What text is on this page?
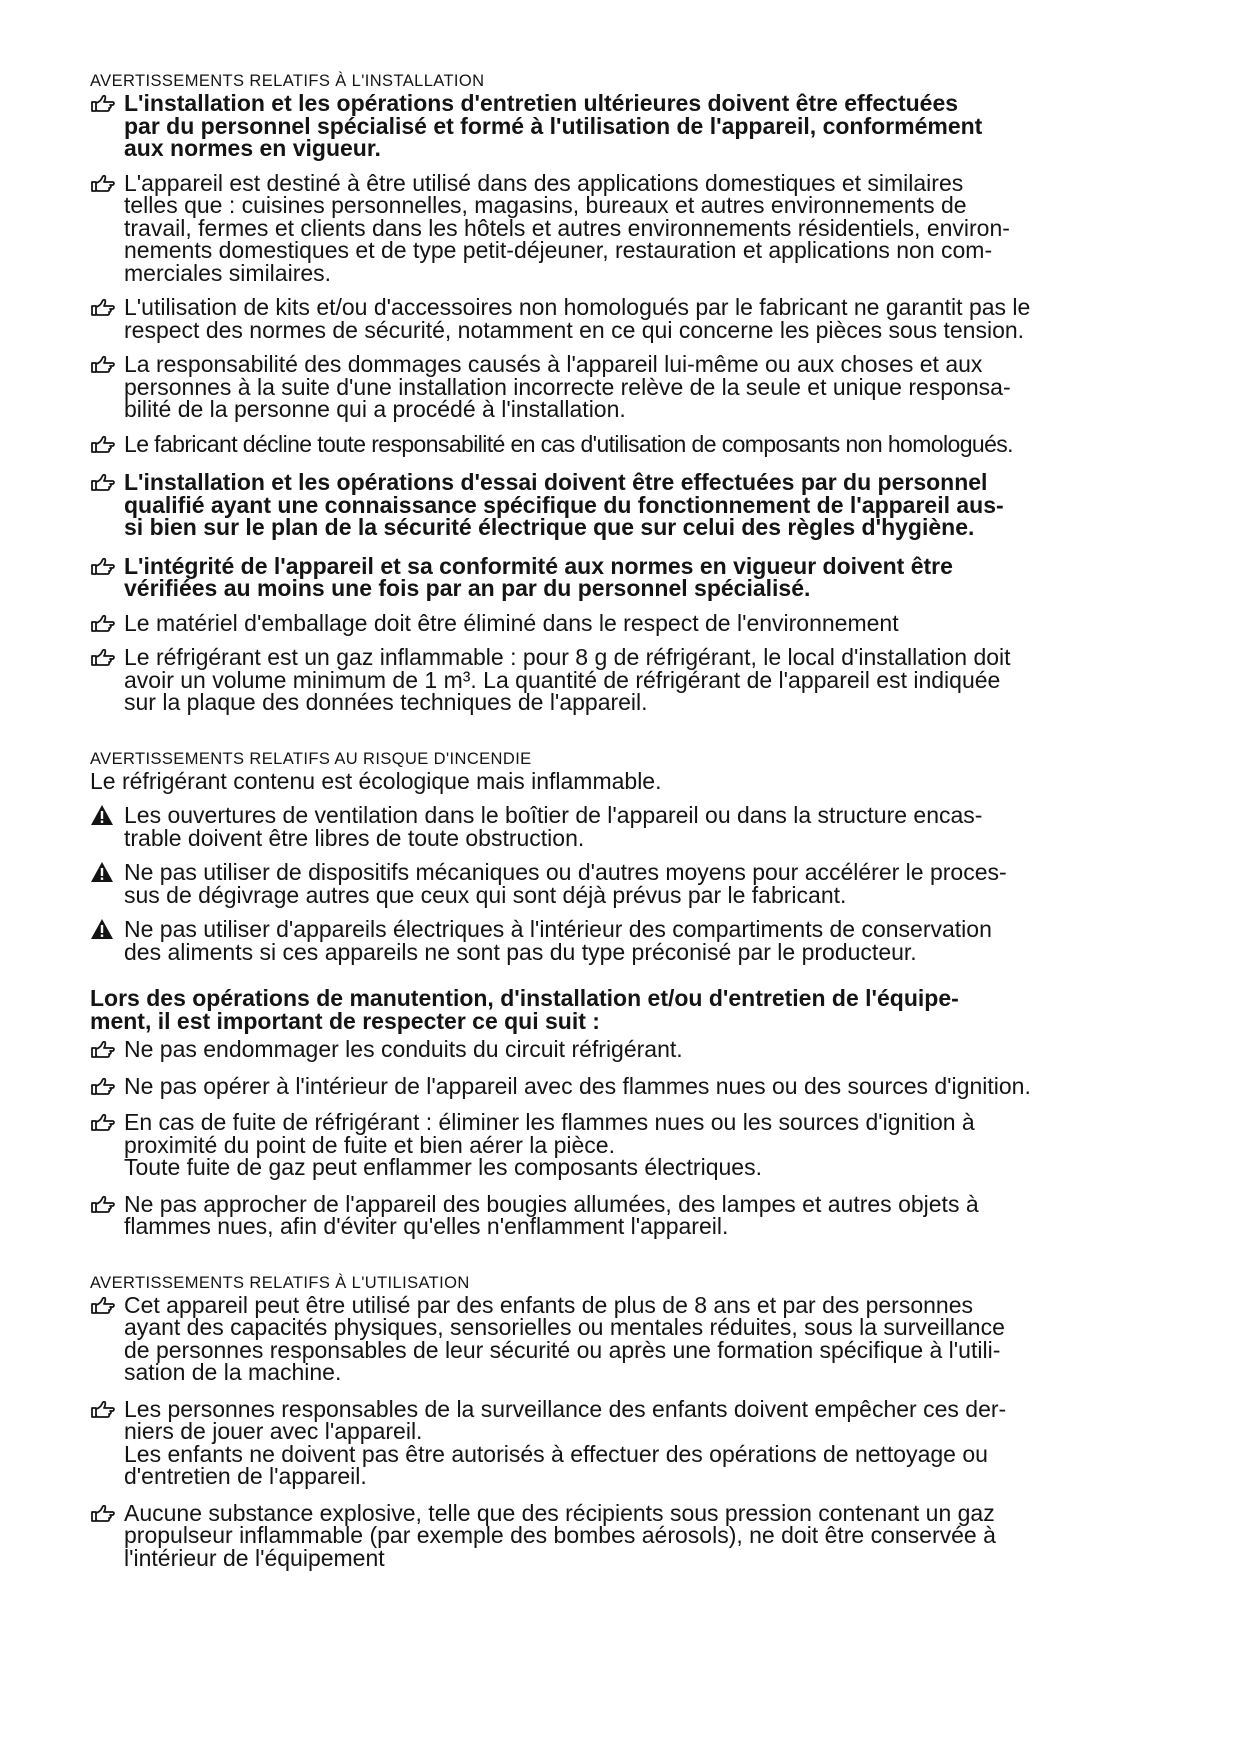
AVERTISSEMENTS RELATIFS À L'INSTALLATION
L'installation et les opérations d'entretien ultérieures doivent être effectuées
par du personnel spécialisé et formé à l'utilisation de l'appareil, conformément
aux normes en vigueur.
L'appareil est destiné à être utilisé dans des applications domestiques et similaires
telles que : cuisines personnelles, magasins, bureaux et autres environnements de
travail, fermes et clients dans les hôtels et autres environnements résidentiels, environ-
nements domestiques et de type petit-déjeuner, restauration et applications non com-
merciales similaires.
L'utilisation de kits et/ou d'accessoires non homologués par le fabricant ne garantit pas le
respect des normes de sécurité, notamment en ce qui concerne les pièces sous tension.
La responsabilité des dommages causés à l'appareil lui-même ou aux choses et aux
personnes à la suite d'une installation incorrecte relève de la seule et unique responsa-
bilité de la personne qui a procédé à l'installation.
Le fabricant décline toute responsabilité en cas d'utilisation de composants non homologués.
L'installation et les opérations d'essai doivent être effectuées par du personnel
qualifié ayant une connaissance spécifique du fonctionnement de l'appareil aus-
si bien sur le plan de la sécurité électrique que sur celui des règles d'hygiène.
L'intégrité de l'appareil et sa conformité aux normes en vigueur doivent être
vérifiées au moins une fois par an par du personnel spécialisé.
Le matériel d'emballage doit être éliminé dans le respect de l'environnement
Le réfrigérant est un gaz inflammable : pour 8 g de réfrigérant, le local d'installation doit
avoir un volume minimum de 1 m³. La quantité de réfrigérant de l'appareil est indiquée
sur la plaque des données techniques de l'appareil.
AVERTISSEMENTS RELATIFS AU RISQUE D'INCENDIE

Le réfrigérant contenu est écologique mais inflammable.

Les ouvertures de ventilation dans le boîtier de l'appareil ou dans la structure encas-
trable doivent être libres de toute obstruction.
Ne pas utiliser de dispositifs mécaniques ou d'autres moyens pour accélérer le proces-
sus de dégivrage autres que ceux qui sont déjà prévus par le fabricant.
Ne pas utiliser d'appareils électriques à l'intérieur des compartiments de conservation
des aliments si ces appareils ne sont pas du type préconisé par le producteur.

Lors des opérations de manutention, d'installation et/ou d'entretien de l'équipe-
ment, il est important de respecter ce qui suit :

Ne pas endommager les conduits du circuit réfrigérant.
Ne pas opérer à l'intérieur de l'appareil avec des flammes nues ou des sources d'ignition.
En cas de fuite de réfrigérant : éliminer les flammes nues ou les sources d'ignition à
proximité du point de fuite et bien aérer la pièce.
Toute fuite de gaz peut enflammer les composants électriques.
Ne pas approcher de l'appareil des bougies allumées, des lampes et autres objets à
flammes nues, afin d'éviter qu'elles n'enflamment l'appareil.
AVERTISSEMENTS RELATIFS À L'UTILISATION
Cet appareil peut être utilisé par des enfants de plus de 8 ans et par des personnes
ayant des capacités physiques, sensorielles ou mentales réduites, sous la surveillance
de personnes responsables de leur sécurité ou après une formation spécifique à l'utili-
sation de la machine.
Les personnes responsables de la surveillance des enfants doivent empêcher ces der-
niers de jouer avec l'appareil.
Les enfants ne doivent pas être autorisés à effectuer des opérations de nettoyage ou
d'entretien de l'appareil.
Aucune substance explosive, telle que des récipients sous pression contenant un gaz
propulseur inflammable (par exemple des bombes aérosols), ne doit être conservée à
l'intérieur de l'équipement
